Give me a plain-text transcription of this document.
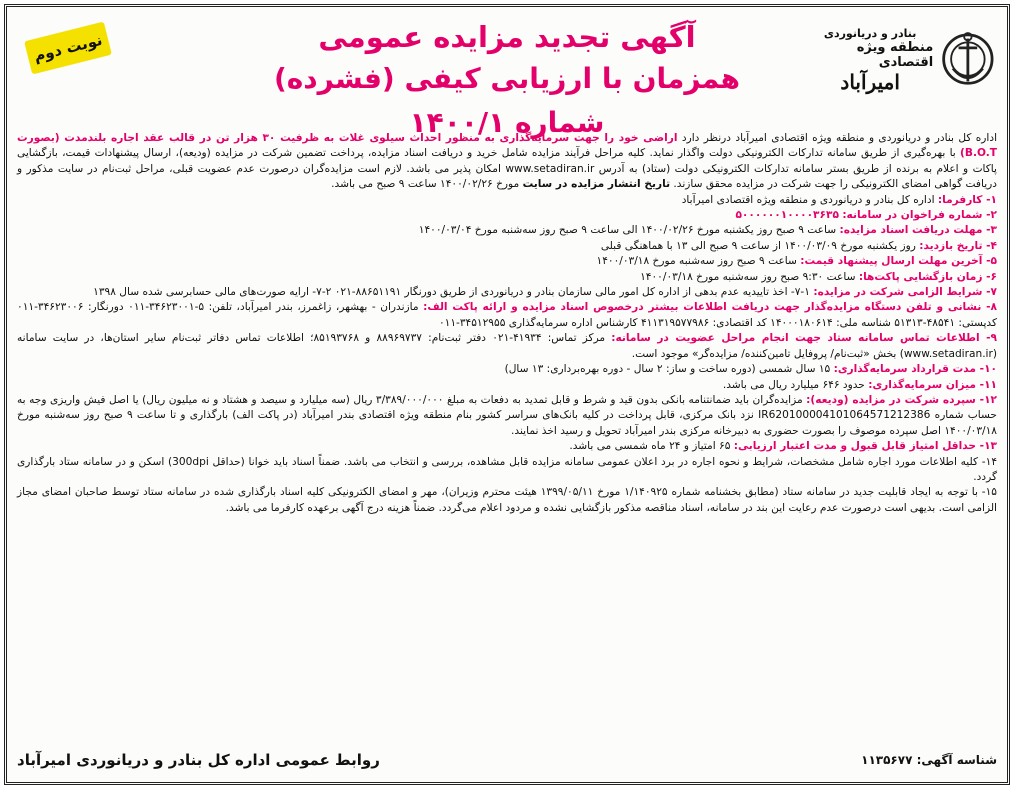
بنادر و دریانوردی
منطقه ویژه اقتصادی
امیرآباد
آگهی تجدید مزایده عمومی
همزمان با ارزیابی کیفی (فشرده) شماره ۱۴۰۰/۱
نوبت دوم

اداره کل بنادر و دریانوردی و منطقه ویژه اقتصادی امیرآباد درنظر دارد اراضی خود را جهت سرمایه‌گذاری به منظور احداث سیلوی غلات به ظرفیت ۳۰ هزار تن در قالب عقد اجاره بلندمدت (بصورت B.O.T) با بهره‌گیری از طریق سامانه تدارکات الکترونیکی دولت واگذار نماید. کلیه مراحل فرآیند مزایده شامل خرید و دریافت اسناد مزایده، پرداخت تضمین شرکت در مزایده (ودیعه)، ارسال پیشنهادات قیمت، بازگشایی پاکات و اعلام به برنده از طریق بستر سامانه تدارکات الکترونیکی دولت (ستاد) به آدرس www.setadiran.ir امکان پذیر می باشد. لازم است مزایده‌گران درصورت عدم عضویت قبلی، مراحل ثبت‌نام در سایت مذکور و دریافت گواهی امضای الکترونیکی را جهت شرکت در مزایده محقق سازند. تاریخ انتشار مزایده در سایت مورخ ۱۴۰۰/۰۲/۲۶ ساعت ۹ صبح می باشد.

۱- کارفرما: اداره کل بنادر و دریانوردی و منطقه ویژه اقتصادی امیرآباد

۲- شماره فراخوان در سامانه: ۵۰۰۰۰۰۰۱۰۰۰۰۳۶۳۵

۳- مهلت دریافت اسناد مزایده: ساعت ۹ صبح روز یکشنبه مورخ ۱۴۰۰/۰۲/۲۶ الی ساعت ۹ صبح روز سه‌شنبه مورخ ۱۴۰۰/۰۳/۰۴

۴- تاریخ بازدید: روز یکشنبه مورخ ۱۴۰۰/۰۳/۰۹ از ساعت ۹ صبح الی ۱۳ با هماهنگی قبلی

۵- آخرین مهلت ارسال پیشنهاد قیمت: ساعت ۹ صبح روز سه‌شنبه مورخ ۱۴۰۰/۰۳/۱۸

۶- زمان بازگشایی پاکت‌ها: ساعت ۹:۳۰ صبح روز سه‌شنبه مورخ ۱۴۰۰/۰۳/۱۸

۷- شرایط الزامی شرکت در مزایده: ۱-۷- اخذ تاییدیه عدم بدهی از اداره کل امور مالی سازمان بنادر و دریانوردی از طریق دورنگار ۸۸۶۵۱۱۹۱-۰۲۱ ۲-۷- ارایه صورت‌های مالی حسابرسی شده سال ۱۳۹۸

۸- نشانی و تلفن دستگاه مزایده‌گذار جهت دریافت اطلاعات بیشتر درخصوص اسناد مزایده و ارائه پاکت الف: مازندران - بهشهر، زاغمرز، بندر امیرآباد، تلفن: ۵-۳۴۶۲۳۰۰۱-۰۱۱ دورنگار: ۳۴۶۲۳۰۰۶-۰۱۱ کدپستی: ۴۸۵۴۱-۵۱۳۱۳ شناسه ملی: ۱۴۰۰۰۱۸۰۶۱۴ کد اقتصادی: ۴۱۱۳۱۹۵۷۷۹۸۶ کارشناس اداره سرمایه‌گذاری ۳۴۵۱۲۹۵۵-۰۱۱

۹- اطلاعات تماس سامانه ستاد جهت انجام مراحل عضویت در سامانه: مرکز تماس: ۴۱۹۳۴-۰۲۱ دفتر ثبت‌نام: ۸۸۹۶۹۷۳۷ و ۸۵۱۹۳۷۶۸؛ اطلاعات تماس دفاتر ثبت‌نام سایر استان‌ها، در سایت سامانه (www.setadiran.ir) بخش «ثبت‌نام/ پروفایل تامین‌کننده/ مزایده‌گر» موجود است.

۱۰- مدت قرارداد سرمایه‌گذاری: ۱۵ سال شمسی (دوره ساخت و ساز: ۲ سال - دوره بهره‌برداری: ۱۳ سال)

۱۱- میزان سرمایه‌گذاری: حدود ۶۴۶ میلیارد ریال می باشد.

۱۲- سپرده شرکت در مزایده (ودیعه): مزایده‌گران باید ضمانتنامه بانکی بدون قید و شرط و قابل تمدید به دفعات به مبلغ ۳/۳۸۹/۰۰۰/۰۰۰ ریال (سه میلیارد و سیصد و هشتاد و نه میلیون ریال) یا اصل فیش واریزی وجه به حساب شماره IR620100004101064571212386 نزد بانک مرکزی، قابل پرداخت در کلیه بانک‌های سراسر کشور بنام منطقه ویژه اقتصادی بندر امیرآباد (در پاکت الف) بارگذاری و تا ساعت ۹ صبح روز سه‌شنبه مورخ ۱۴۰۰/۰۳/۱۸ اصل سپرده موصوف را بصورت حضوری به دبیرخانه مرکزی بندر امیرآباد تحویل و رسید اخذ نمایند.

۱۳- حداقل امتیاز قابل قبول و مدت اعتبار ارزیابی: ۶۵ امتیاز و ۲۴ ماه شمسی می باشد.

۱۴- کلیه اطلاعات مورد اجاره شامل مشخصات، شرایط و نحوه اجاره در برد اعلان عمومی سامانه مزایده قابل مشاهده، بررسی و انتخاب می باشد. ضمناً اسناد باید خوانا (حداقل 300dpi) اسکن و در سامانه ستاد بارگذاری گردد.

۱۵- با توجه به ایجاد قابلیت جدید در سامانه ستاد (مطابق بخشنامه شماره ۱/۱۴۰۹۲۵ مورخ ۱۳۹۹/۰۵/۱۱ هیئت محترم وزیران)، مهر و امضای الکترونیکی کلیه اسناد بارگذاری شده در سامانه ستاد توسط صاحبان امضای مجاز الزامی است. بدیهی است درصورت عدم رعایت این بند در سامانه، اسناد مناقصه مذکور بازگشایی نشده و مردود اعلام می‌گردد. ضمناً هزینه درج آگهی برعهده کارفرما می باشد.

شناسه آگهی: ۱۱۳۵۶۷۷
روابط عمومی اداره کل بنادر و دریانوردی امیرآباد
